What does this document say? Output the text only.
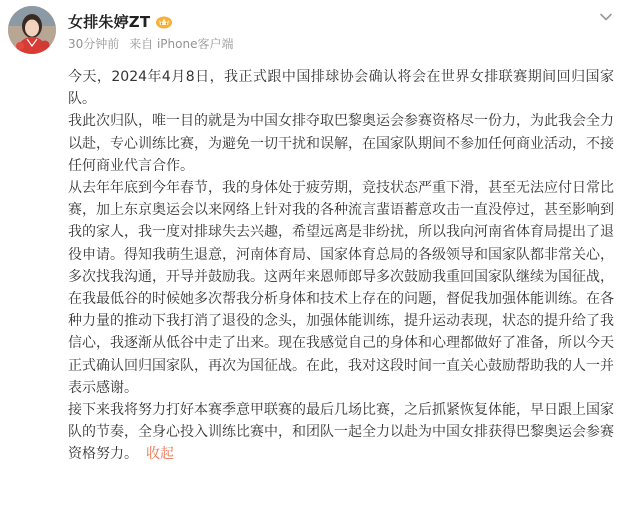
女排朱婷ZT
30分钟前 来自 iPhone客户端

今天，2024年4月8日，我正式跟中国排球协会确认将会在世界女排联赛期间回归国家队。

我此次归队，唯一目的就是为中国女排夺取巴黎奥运会参赛资格尽一份力，为此我会全力以赴，专心训练比赛，为避免一切干扰和误解，在国家队期间不参加任何商业活动，不接任何商业代言合作。

从去年年底到今年春节，我的身体处于疲劳期，竞技状态严重下滑，甚至无法应付日常比赛，加上东京奥运会以来网络上针对我的各种流言蜚语蓄意攻击一直没停过，甚至影响到我的家人，我一度对排球失去兴趣，希望远离是非纷扰，所以我向河南省体育局提出了退役申请。得知我萌生退意，河南体育局、国家体育总局的各级领导和国家队都非常关心，多次找我沟通，开导并鼓励我。这两年来恩师郎导多次鼓励我重回国家队继续为国征战，在我最低谷的时候她多次帮我分析身体和技术上存在的问题，督促我加强体能训练。在各种力量的推动下我打消了退役的念头，加强体能训练，提升运动表现，状态的提升给了我信心，我逐渐从低谷中走了出来。现在我感觉自己的身体和心理都做好了准备，所以今天正式确认回归国家队，再次为国征战。在此，我对这段时间一直关心鼓励帮助我的人一并表示感谢。

接下来我将努力打好本赛季意甲联赛的最后几场比赛，之后抓紧恢复体能，早日跟上国家队的节奏，全身心投入训练比赛中，和团队一起全力以赴为中国女排获得巴黎奥运会参赛资格努力。 收起
